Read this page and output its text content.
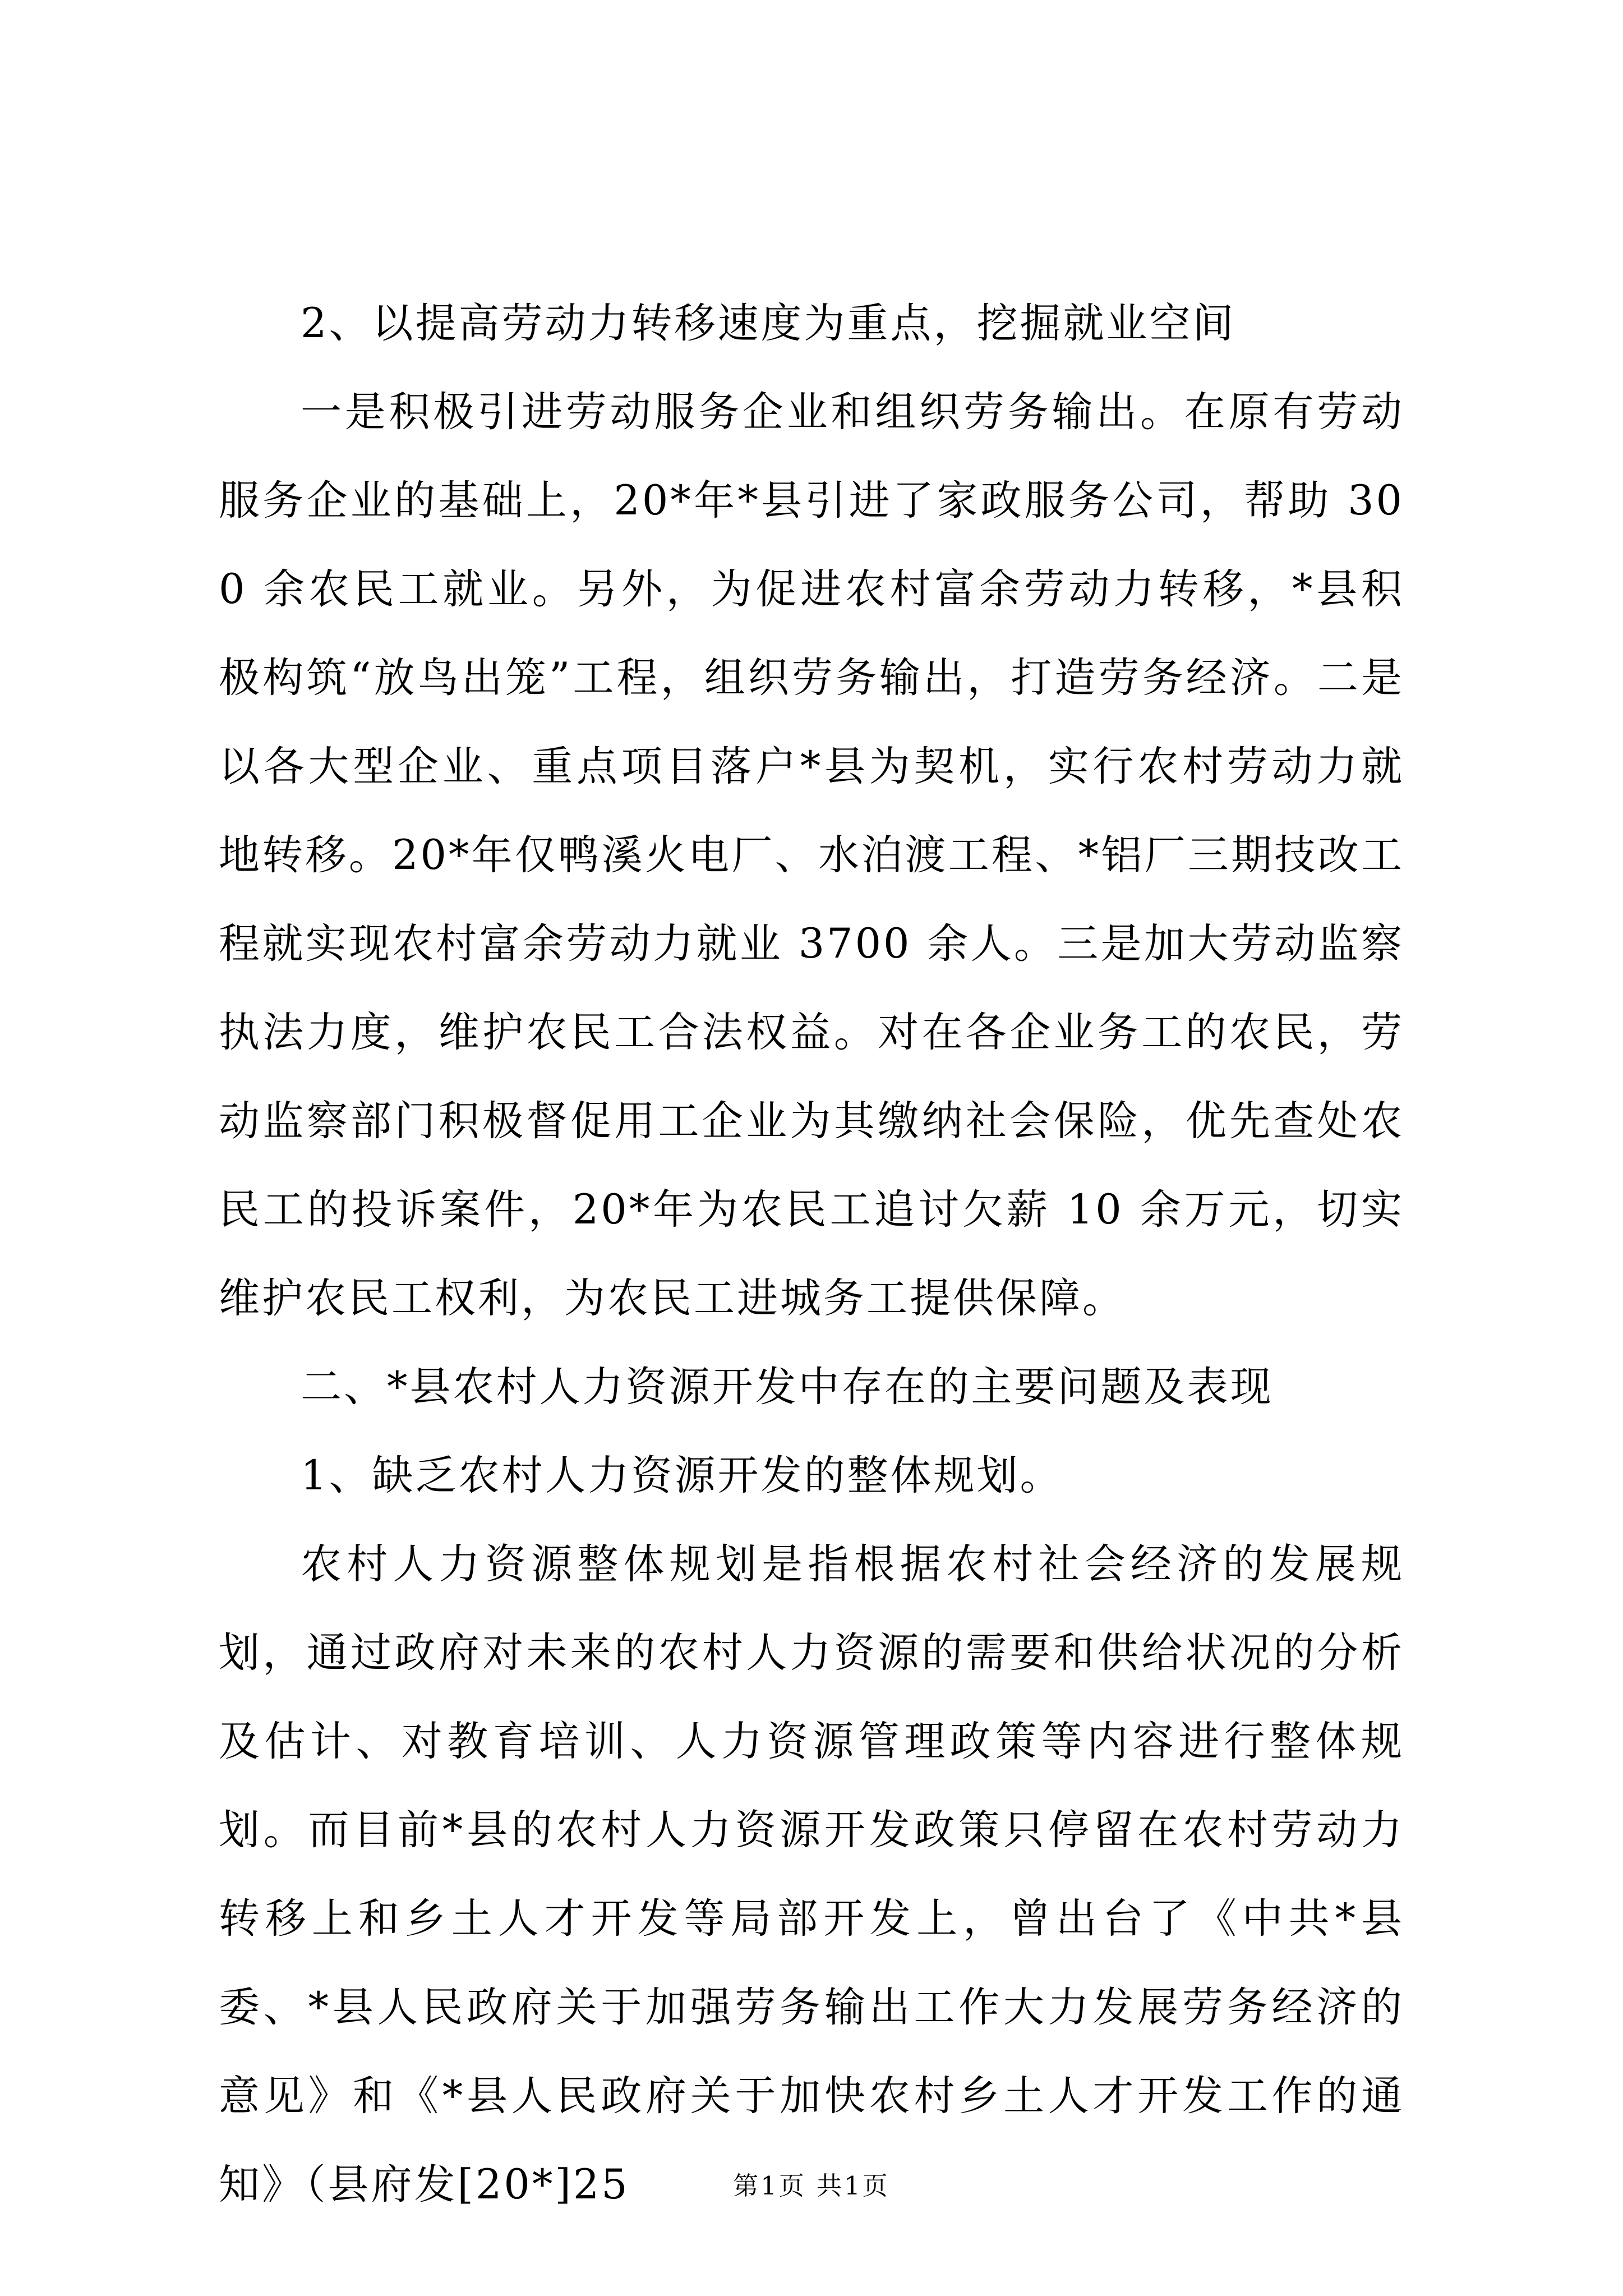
2、以提高劳动力转移速度为重点，挖掘就业空间

一是积极引进劳动服务企业和组织劳务输出。在原有劳动服务企业的基础上，20*年*县引进了家政服务公司，帮助 300 余农民工就业。另外，为促进农村富余劳动力转移，*县积极构筑“放鸟出笼”工程，组织劳务输出，打造劳务经济。二是以各大型企业、重点项目落户*县为契机，实行农村劳动力就地转移。20*年仅鸭溪火电厂、水泊渡工程、*铝厂三期技改工程就实现农村富余劳动力就业 3700 余人。三是加大劳动监察执法力度，维护农民工合法权益。对在各企业务工的农民，劳动监察部门积极督促用工企业为其缴纳社会保险，优先查处农民工的投诉案件，20*年为农民工追讨欠薪 10 余万元，切实维护农民工权利，为农民工进城务工提供保障。

二、*县农村人力资源开发中存在的主要问题及表现

1、缺乏农村人力资源开发的整体规划。

农村人力资源整体规划是指根据农村社会经济的发展规划，通过政府对未来的农村人力资源的需要和供给状况的分析及估计、对教育培训、人力资源管理政策等内容进行整体规划。而目前*县的农村人力资源开发政策只停留在农村劳动力转移上和乡土人才开发等局部开发上，曾出台了《中共*县委、*县人民政府关于加强劳务输出工作大力发展劳务经济的意见》和《*县人民政府关于加快农村乡土人才开发工作的通知》（县府发[20*]25	第1页 共1页
